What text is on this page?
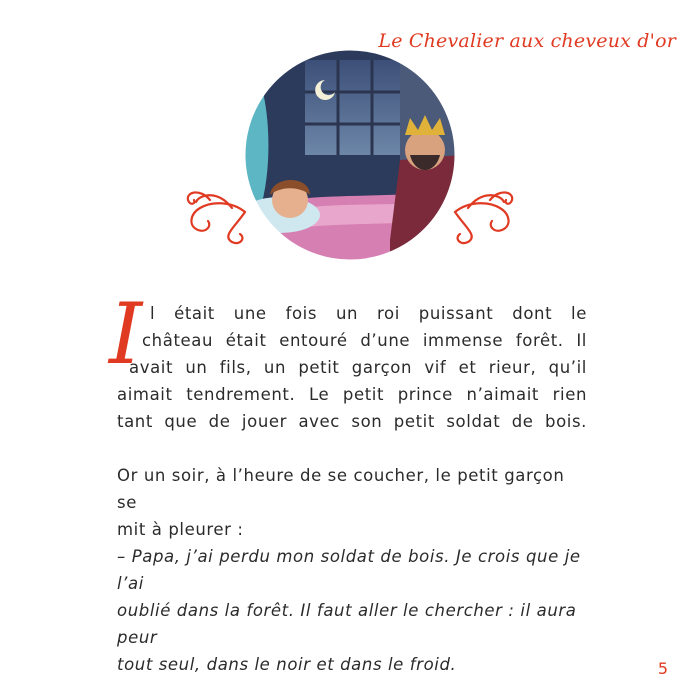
Le Chevalier aux cheveux d'or
I l était une fois un roi puissant dont le
château était entouré d’une immense forêt. Il
avait un fils, un petit garçon vif et rieur, qu’il
aimait tendrement. Le petit prince n’aimait rien
tant que de jouer avec son petit soldat de bois.
Or un soir, à l’heure de se coucher, le petit garçon se
mit à pleurer :
– Papa, j’ai perdu mon soldat de bois. Je crois que je l’ai
oublié dans la forêt. Il faut aller le chercher : il aura peur
tout seul, dans le noir et dans le froid.	5
